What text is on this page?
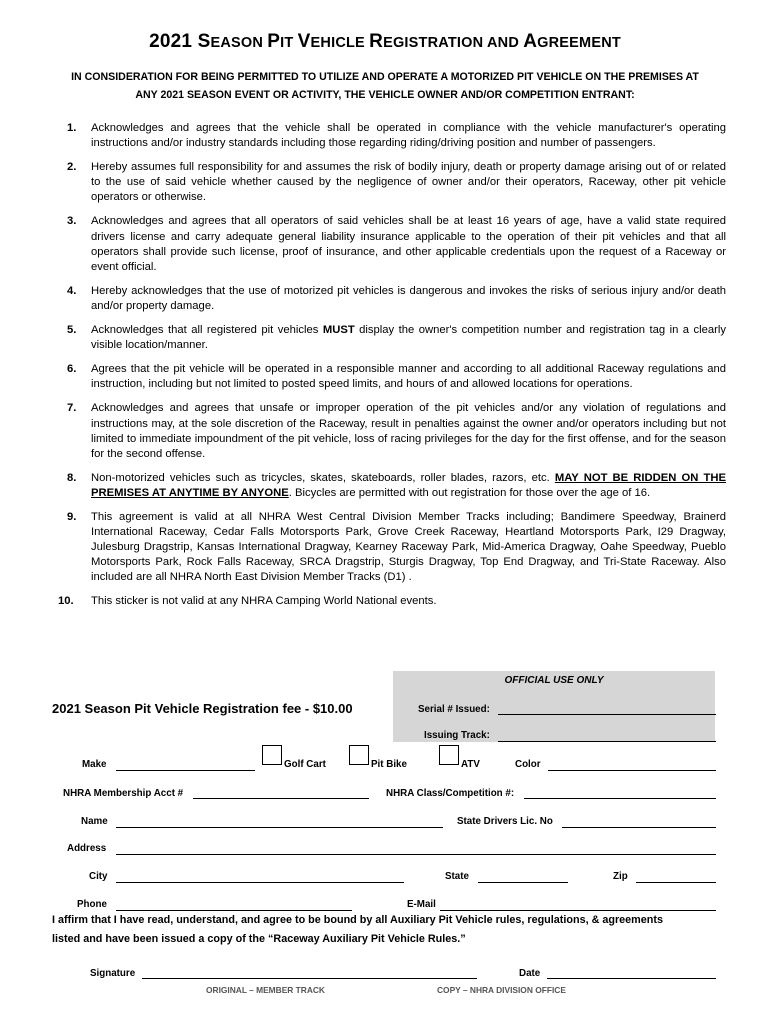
2021 SEASON PIT VEHICLE REGISTRATION AND AGREEMENT
IN CONSIDERATION FOR BEING PERMITTED TO UTILIZE AND OPERATE A MOTORIZED PIT VEHICLE ON THE PREMISES AT
ANY 2021 SEASON EVENT OR ACTIVITY, THE VEHICLE OWNER AND/OR COMPETITION ENTRANT:
1. Acknowledges and agrees that the vehicle shall be operated in compliance with the vehicle manufacturer's operating instructions and/or industry standards including those regarding riding/driving position and number of passengers.
2. Hereby assumes full responsibility for and assumes the risk of bodily injury, death or property damage arising out of or related to the use of said vehicle whether caused by the negligence of owner and/or their operators, Raceway, other pit vehicle operators or otherwise.
3. Acknowledges and agrees that all operators of said vehicles shall be at least 16 years of age, have a valid state required drivers license and carry adequate general liability insurance applicable to the operation of their pit vehicles and that all operators shall provide such license, proof of insurance, and other applicable credentials upon the request of a Raceway or event official.
4. Hereby acknowledges that the use of motorized pit vehicles is dangerous and invokes the risks of serious injury and/or death and/or property damage.
5. Acknowledges that all registered pit vehicles MUST display the owner's competition number and registration tag in a clearly visible location/manner.
6. Agrees that the pit vehicle will be operated in a responsible manner and according to all additional Raceway regulations and instruction, including but not limited to posted speed limits, and hours of and allowed locations for operations.
7. Acknowledges and agrees that unsafe or improper operation of the pit vehicles and/or any violation of regulations and instructions may, at the sole discretion of the Raceway, result in penalties against the owner and/or operators including but not limited to immediate impoundment of the pit vehicle, loss of racing privileges for the day for the first offense, and for the season for the second offense.
8. Non-motorized vehicles such as tricycles, skates, skateboards, roller blades, razors, etc. MAY NOT BE RIDDEN ON THE PREMISES AT ANYTIME BY ANYONE. Bicycles are permitted with out registration for those over the age of 16.
9. This agreement is valid at all NHRA West Central Division Member Tracks including; Bandimere Speedway, Brainerd International Raceway, Cedar Falls Motorsports Park, Grove Creek Raceway, Heartland Motorsports Park, I29 Dragway, Julesburg Dragstrip, Kansas International Dragway, Kearney Raceway Park, Mid-America Dragway, Oahe Speedway, Pueblo Motorsports Park, Rock Falls Raceway, SRCA Dragstrip, Sturgis Dragway, Top End Dragway, and Tri-State Raceway. Also included are all NHRA North East Division Member Tracks (D1) .
10. This sticker is not valid at any NHRA Camping World National events.
OFFICIAL USE ONLY
Serial # Issued:
Issuing Track:
2021 Season Pit Vehicle Registration fee - $10.00
Make	Golf Cart	Pit Bike	ATV	Color
NHRA Membership Acct #	NHRA Class/Competition #:
Name	State Drivers Lic. No
Address
City	State	Zip
Phone	E-Mail
I affirm that I have read, understand, and agree to be bound by all Auxiliary Pit Vehicle rules, regulations, & agreements
listed and have been issued a copy of the “Raceway Auxiliary Pit Vehicle Rules.”
Signature	Date
ORIGINAL – MEMBER TRACK	COPY – NHRA DIVISION OFFICE
